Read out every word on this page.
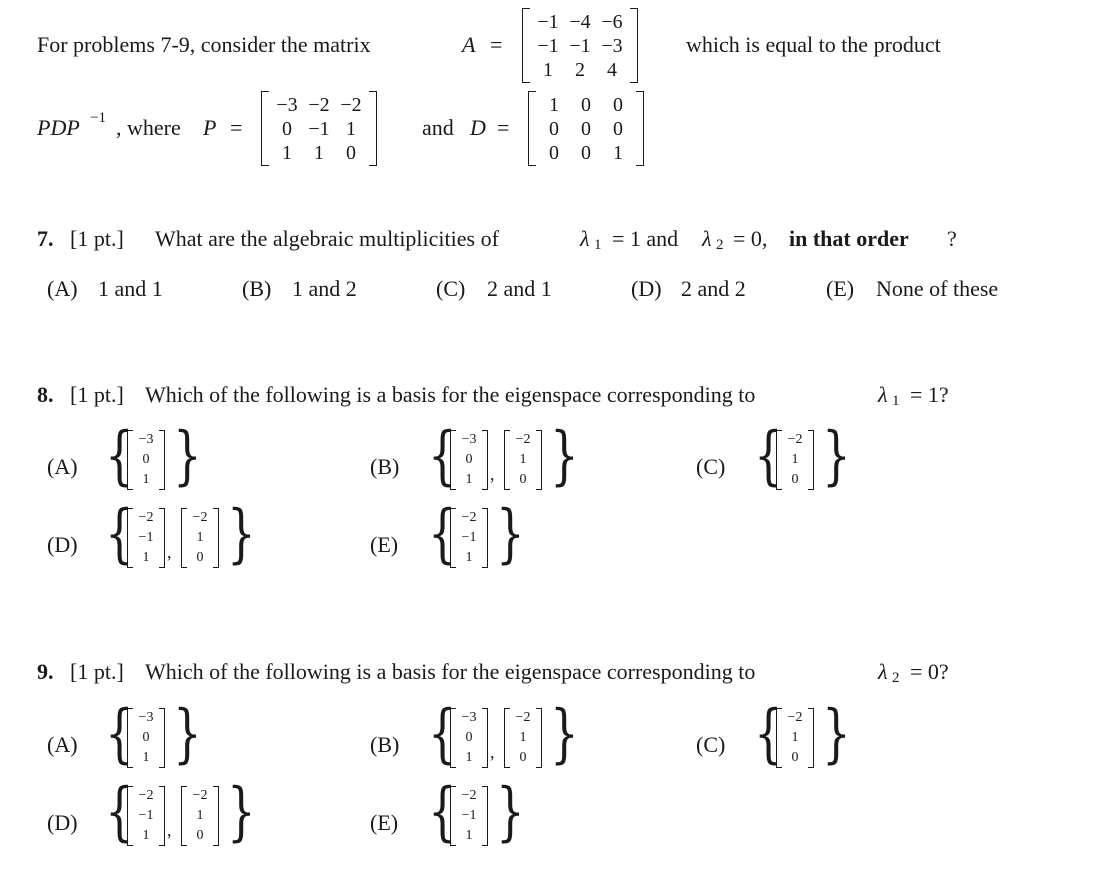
For problems 7-9, consider the matrix	A =
−1 −4 −6
−1 −1 −3
1	2	4
which is equal to the product
PDP −1 , where P =
−3 −2 −2
0 −1 1
1	1	0
and D =
1	0	0
0	0	0
0	0	1
7. [1 pt.] What are the algebraic multiplicities of	λ 1 = 1 and λ 2 = 0, in that order ?
(A) 1 and 1	(B) 1 and 2	(C) 2 and 1	(D) 2 and 2	(E) None of these
8. [1 pt.] Which of the following is a basis for the eigenspace corresponding to	λ 1 = 1?
(A) { −3
0
1 }	(B) { −3
0
1 ,
−2
1
0 }	(C) { −2
1
0 }
(D) { −2
−1
1 ,
−2
1
0 }	(E) { −2
−1
1 }
9. [1 pt.] Which of the following is a basis for the eigenspace corresponding to	λ 2 = 0?
(A) { −3
0
1 }	(B) { −3
0
1 ,
−2
1
0 }	(C) { −2
1
0 }
(D) { −2
−1
1 ,
−2
1
0 }	(E) { −2
−1
1 }
